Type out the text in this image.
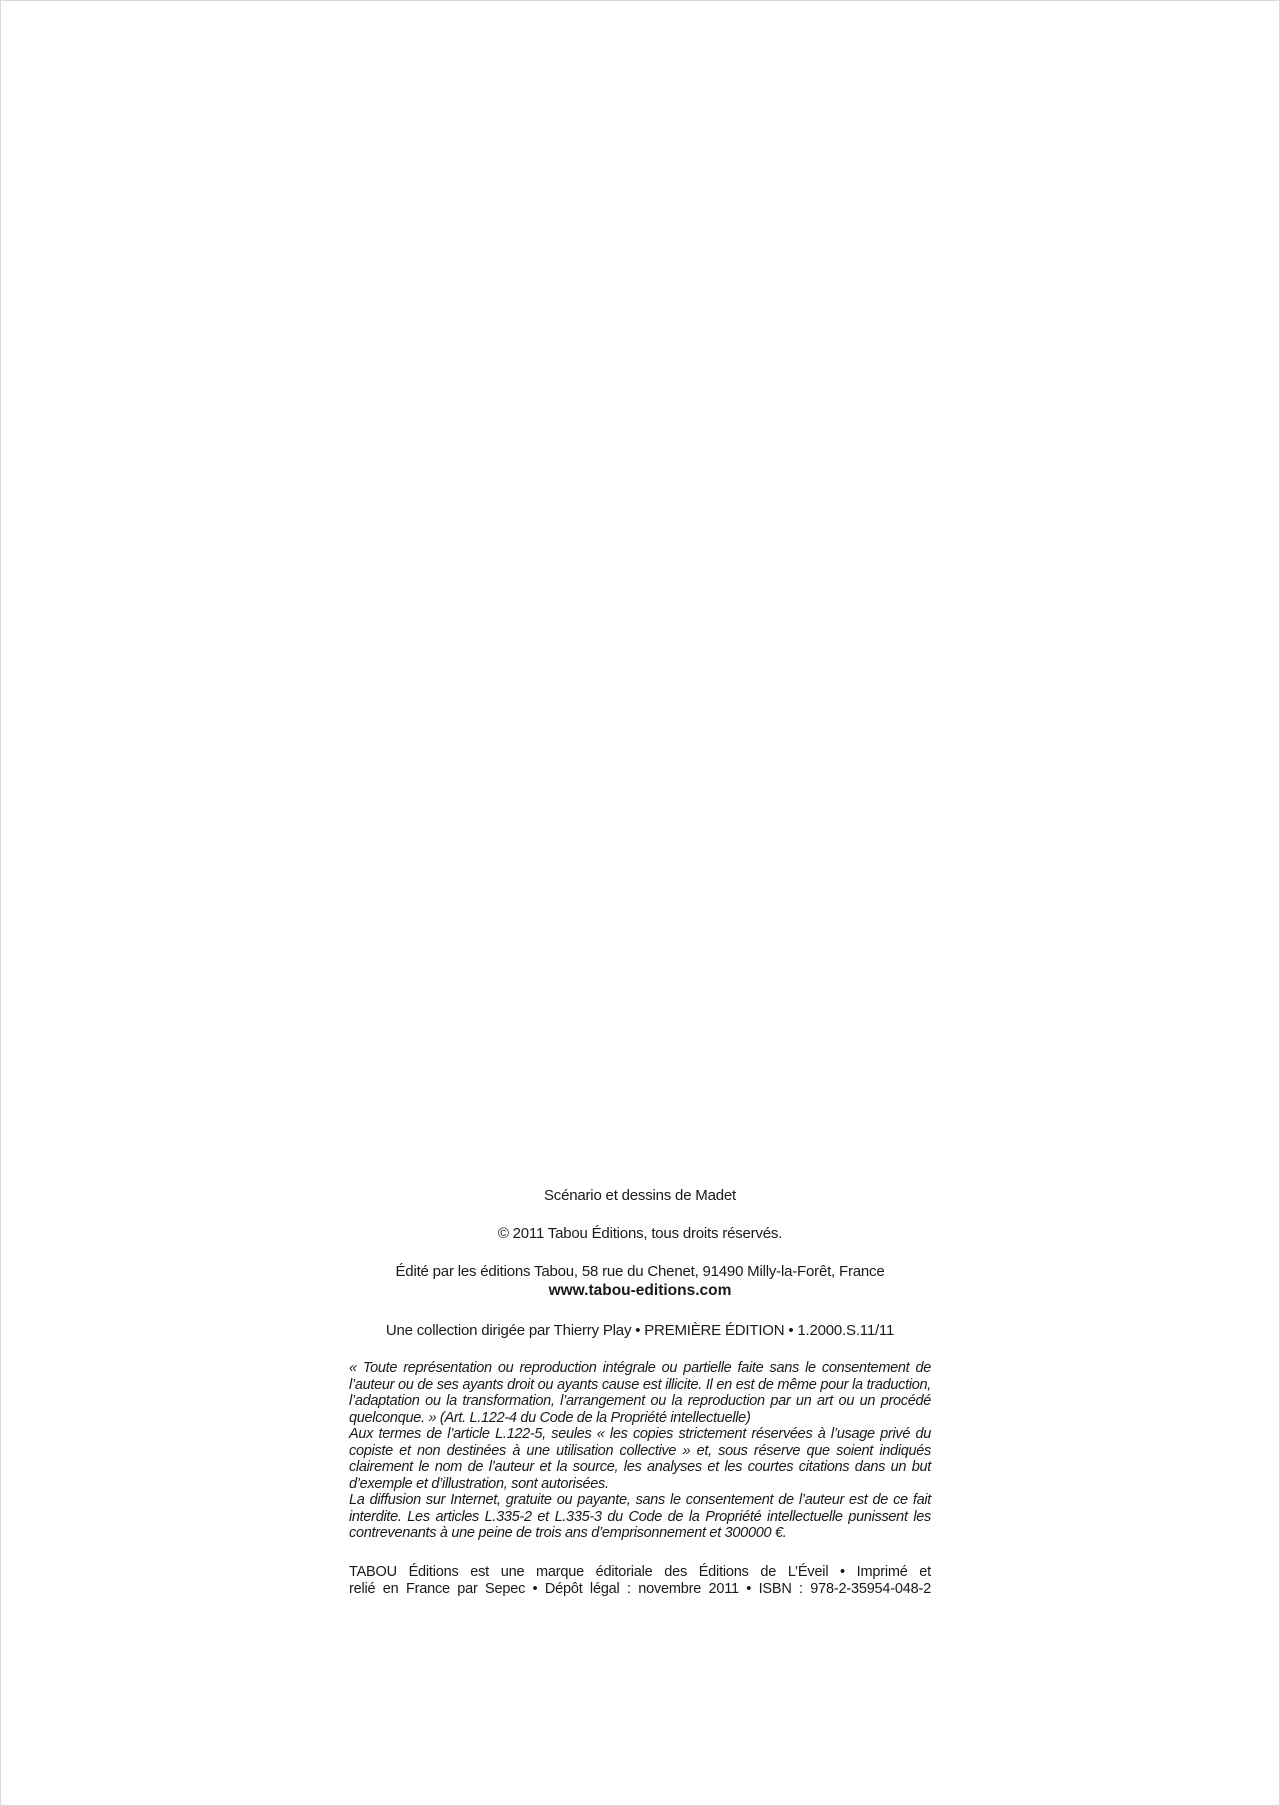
Scénario et dessins de Madet

© 2011 Tabou Éditions, tous droits réservés.

Édité par les éditions Tabou, 58 rue du Chenet, 91490 Milly-la-Forêt, France

www.tabou-editions.com

Une collection dirigée par Thierry Play • PREMIÈRE ÉDITION • 1.2000.S.11/11

« Toute représentation ou reproduction intégrale ou partielle faite sans le consentement de l’auteur ou de ses ayants droit ou ayants cause est illicite. Il en est de même pour la traduction, l’adaptation ou la transformation, l’arrangement ou la reproduction par un art ou un procédé quelconque. » (Art. L.122-4 du Code de la Propriété intellectuelle)

Aux termes de l’article L.122-5, seules « les copies strictement réservées à l’usage privé du copiste et non destinées à une utilisation collective » et, sous réserve que soient indiqués clairement le nom de l’auteur et la source, les analyses et les courtes citations dans un but d’exemple et d’illustration, sont autorisées.

La diffusion sur Internet, gratuite ou payante, sans le consentement de l’auteur est de ce fait interdite. Les articles L.335-2 et L.335-3 du Code de la Propriété intellectuelle punissent les contrevenants à une peine de trois ans d’emprisonnement et 300000 €.

TABOU Éditions est une marque éditoriale des Éditions de L’Éveil • Imprimé et
relié en France par Sepec • Dépôt légal : novembre 2011 • ISBN : 978-2-35954-048-2
